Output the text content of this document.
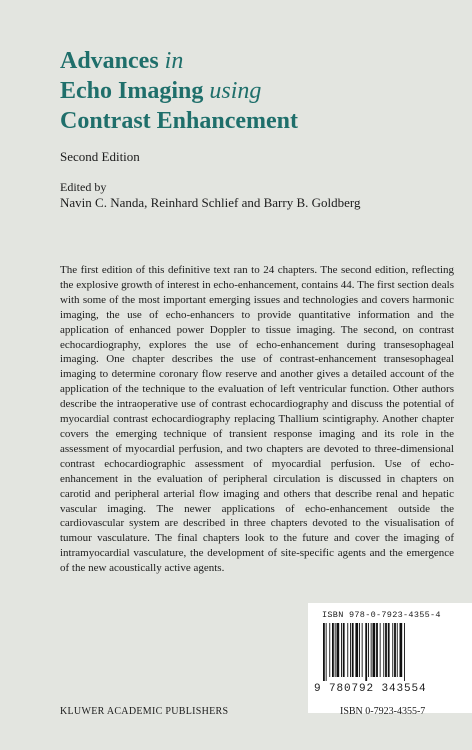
Advances in
Echo Imaging using
Contrast Enhancement
Second Edition
Edited by
Navin C. Nanda, Reinhard Schlief and Barry B. Goldberg

The first edition of this definitive text ran to 24 chapters. The second edition, reflecting the explosive growth of interest in echo-enhancement, contains 44. The first section deals with some of the most important emerging issues and technologies and covers harmonic imaging, the use of echo-enhancers to provide quantitative information and the application of enhanced power Doppler to tissue imaging. The second, on contrast echocardiography, explores the use of echo-enhancement during transesophageal imaging. One chapter describes the use of contrast-enhancement transesophageal imaging to determine coronary flow reserve and another gives a detailed account of the application of the technique to the evaluation of left ventricular function. Other authors describe the intraoperative use of contrast echocardiography and discuss the potential of myocardial contrast echocardiography replacing Thallium scintigraphy. Another chapter covers the emerging technique of transient response imaging and its role in the assessment of myocardial perfusion, and two chapters are devoted to three-dimensional contrast echocardiographic assessment of myocardial perfusion. Use of echo-enhancement in the evaluation of peripheral circulation is discussed in chapters on carotid and peripheral arterial flow imaging and others that describe renal and hepatic vascular imaging. The newer applications of echo-enhancement outside the cardiovascular system are described in three chapters devoted to the visualisation of tumour vasculature. The final chapters look to the future and cover the imaging of intramyocardial vasculature, the development of site-specific agents and the emergence of the new acoustically active agents.

ISBN 978-0-7923-4355-4
9 780792 343554
KLUWER ACADEMIC PUBLISHERS	ISBN 0-7923-4355-7
